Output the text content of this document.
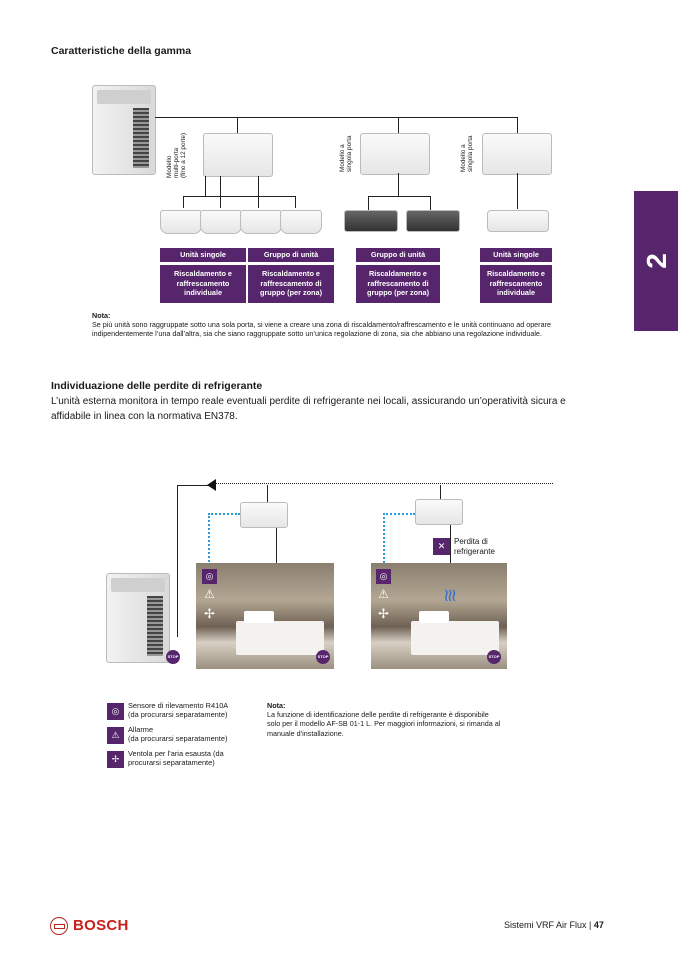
Caratteristiche della gamma
2
Modello
multi-porta
(fino a 12 porte)
Modello a
singola porta
Modello a
singola porta
Unità singole	Gruppo di unità	Gruppo di unità	Unità singole
Riscaldamento e
raffrescamento
individuale
Riscaldamento e
raffrescamento di
gruppo (per zona)
Riscaldamento e
raffrescamento di
gruppo (per zona)
Riscaldamento e
raffrescamento
individuale
Nota:
Se più unità sono raggruppate sotto una sola porta, si viene a creare una zona di riscaldamento/raffrescamento e le unità continuano ad operare indipendentemente l’una dall’altra, sia che siano raggruppate sotto un’unica regolazione di zona, sia che abbiano una regolazione individuale.
Individuazione delle perdite di refrigerante
L’unità esterna monitora in tempo reale eventuali perdite di refrigerante nei locali, assicurando un’operatività sicura e affidabile in linea con la normativa EN378.
✕	Perdita di
refrigerante
STOP
◎
⚠
✢
STOP
≀≀≀
◎
⚠
✢
STOP
◎
Sensore di rilevamento R410A
(da procurarsi separatamente)
⚠
Allarme
(da procurarsi separatamente)
✢
Ventola per l’aria esausta (da
procurarsi separatamente)
Nota:
La funzione di identificazione delle perdite di refrigerante è disponibile solo per il modello AF-SB 01-1 L. Per maggiori informazioni, si rimanda al manuale d’installazione.
BOSCH	Sistemi VRF Air Flux | 47
